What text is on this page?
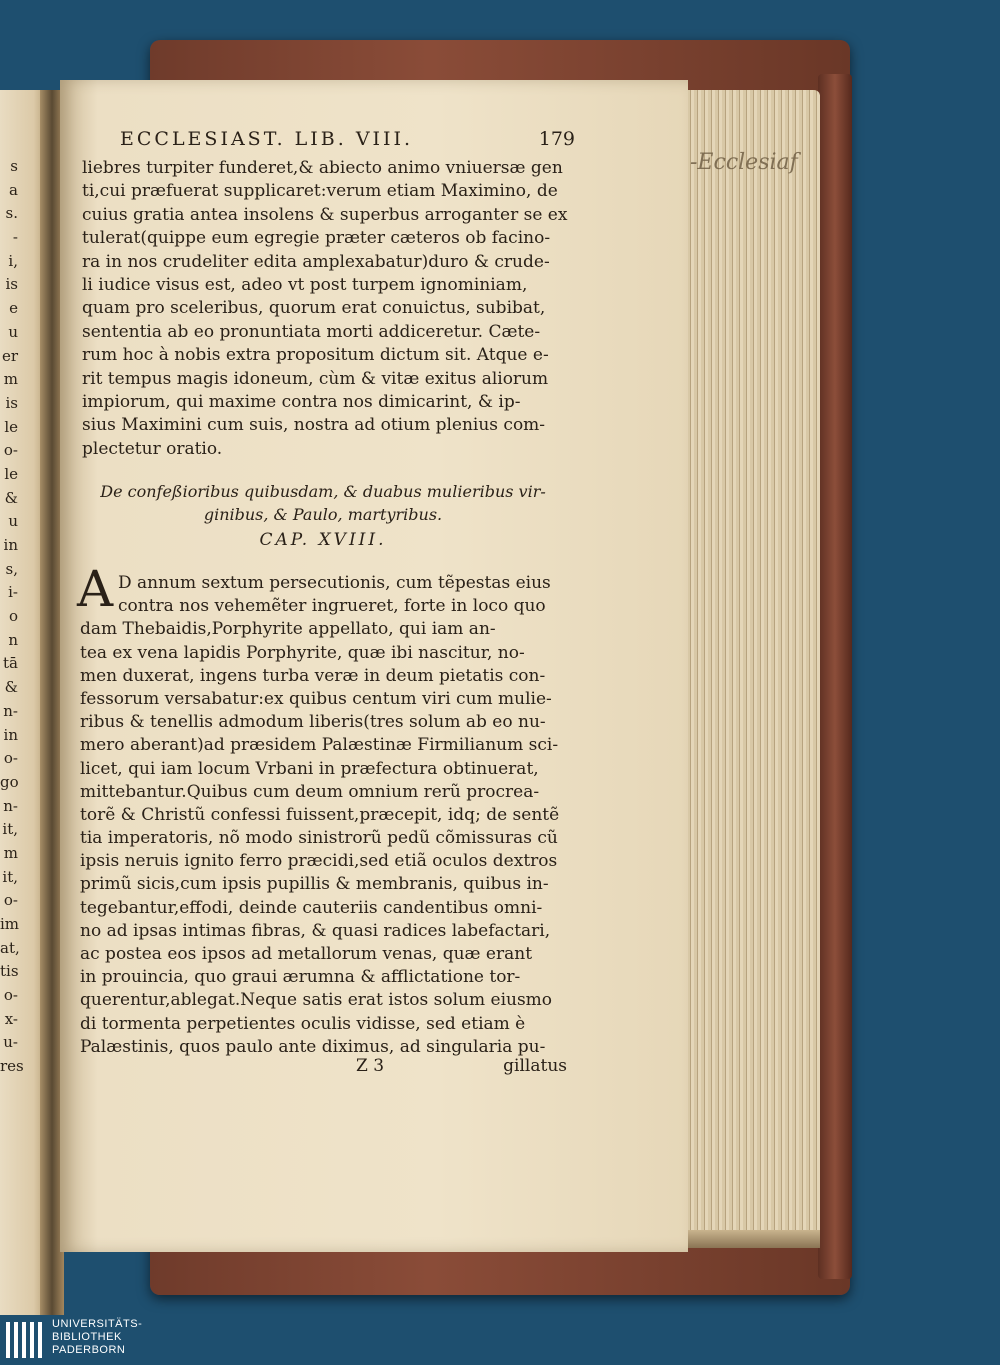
s
a
s.
-
i,
is
e
u
er
m
is
le
o-
le
&
u
in
s,
i-
o
n
tā
&
n-
in
o-
go
n-
it,
m
it,
o-
im
at,
tis
o-
x-
u-
res
-Ecclesiaf
ECCLESIAST. LIB. VIII.	179
liebres turpiter funderet,& abiecto animo vniuersæ gen
ti,cui præfuerat supplicaret:verum etiam Maximino, de
cuius gratia antea insolens & superbus arroganter se ex
tulerat(quippe eum egregie præter cæteros ob facino-
ra in nos crudeliter edita amplexabatur)duro & crude-
li iudice visus est, adeo vt post turpem ignominiam,
quam pro sceleribus, quorum erat conuictus, subibat,
sententia ab eo pronuntiata morti addiceretur. Cæte-
rum hoc à nobis extra propositum dictum sit. Atque e-
rit tempus magis idoneum, cùm & vitæ exitus aliorum
impiorum, qui maxime contra nos dimicarint, & ip-
sius Maximini cum suis, nostra ad otium plenius com-
plectetur oratio.
De confeßioribus quibusdam, & duabus mulieribus vir-
ginibus, & Paulo, martyribus.
CAP. XVIII.
A D annum sextum persecutionis, cum tẽpestas eius
contra nos vehemẽter ingrueret, forte in loco quo
dam Thebaidis,Porphyrite appellato, qui iam an-
tea ex vena lapidis Porphyrite, quæ ibi nascitur, no-
men duxerat, ingens turba veræ in deum pietatis con-
fessorum versabatur:ex quibus centum viri cum mulie-
ribus & tenellis admodum liberis(tres solum ab eo nu-
mero aberant)ad præsidem Palæstinæ Firmilianum sci-
licet, qui iam locum Vrbani in præfectura obtinuerat,
mittebantur.Quibus cum deum omnium rerũ procrea-
torẽ & Christũ confessi fuissent,præcepit, idq; de sentẽ
tia imperatoris, nõ modo sinistrorũ pedũ cõmissuras cũ
ipsis neruis ignito ferro præcidi,sed etiã oculos dextros
primũ sicis,cum ipsis pupillis & membranis, quibus in-
tegebantur,effodi, deinde cauteriis candentibus omni-
no ad ipsas intimas fibras, & quasi radices labefactari,
ac postea eos ipsos ad metallorum venas, quæ erant
in prouincia, quo graui ærumna & afflictatione tor-
querentur,ablegat.Neque satis erat istos solum eiusmo
di tormenta perpetientes oculis vidisse, sed etiam è
Palæstinis, quos paulo ante diximus, ad singularia pu-
Z 3	gillatus
UNIVERSITÄTS-
BIBLIOTHEK
PADERBORN
